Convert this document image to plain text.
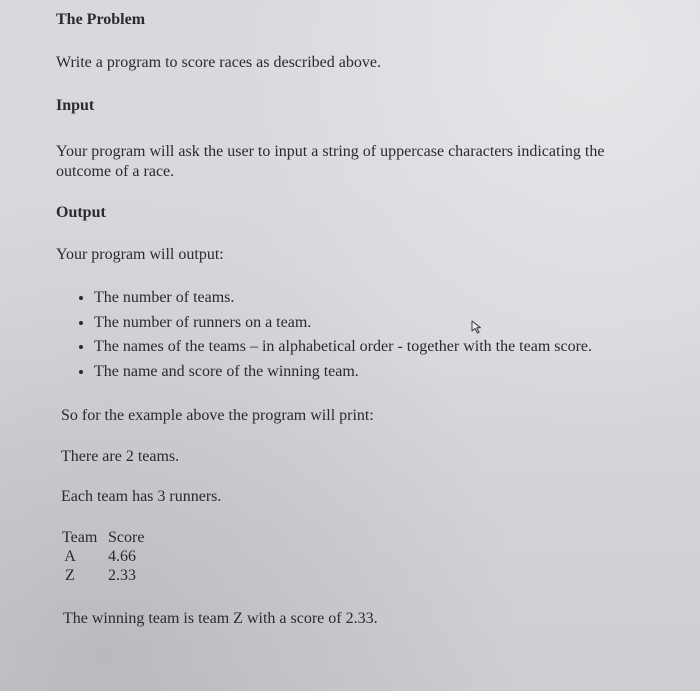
The Problem
Write a program to score races as described above.
Input
Your program will ask the user to input a string of uppercase characters indicating the outcome of a race.
Output
Your program will output:
• The number of teams.
• The number of runners on a team.
• The names of the teams – in alphabetical order - together with the team score.
• The name and score of the winning team.
So for the example above the program will print:
There are 2 teams.
Each team has 3 runners.
Team Score
A 4.66
Z 2.33
The winning team is team Z with a score of 2.33.
